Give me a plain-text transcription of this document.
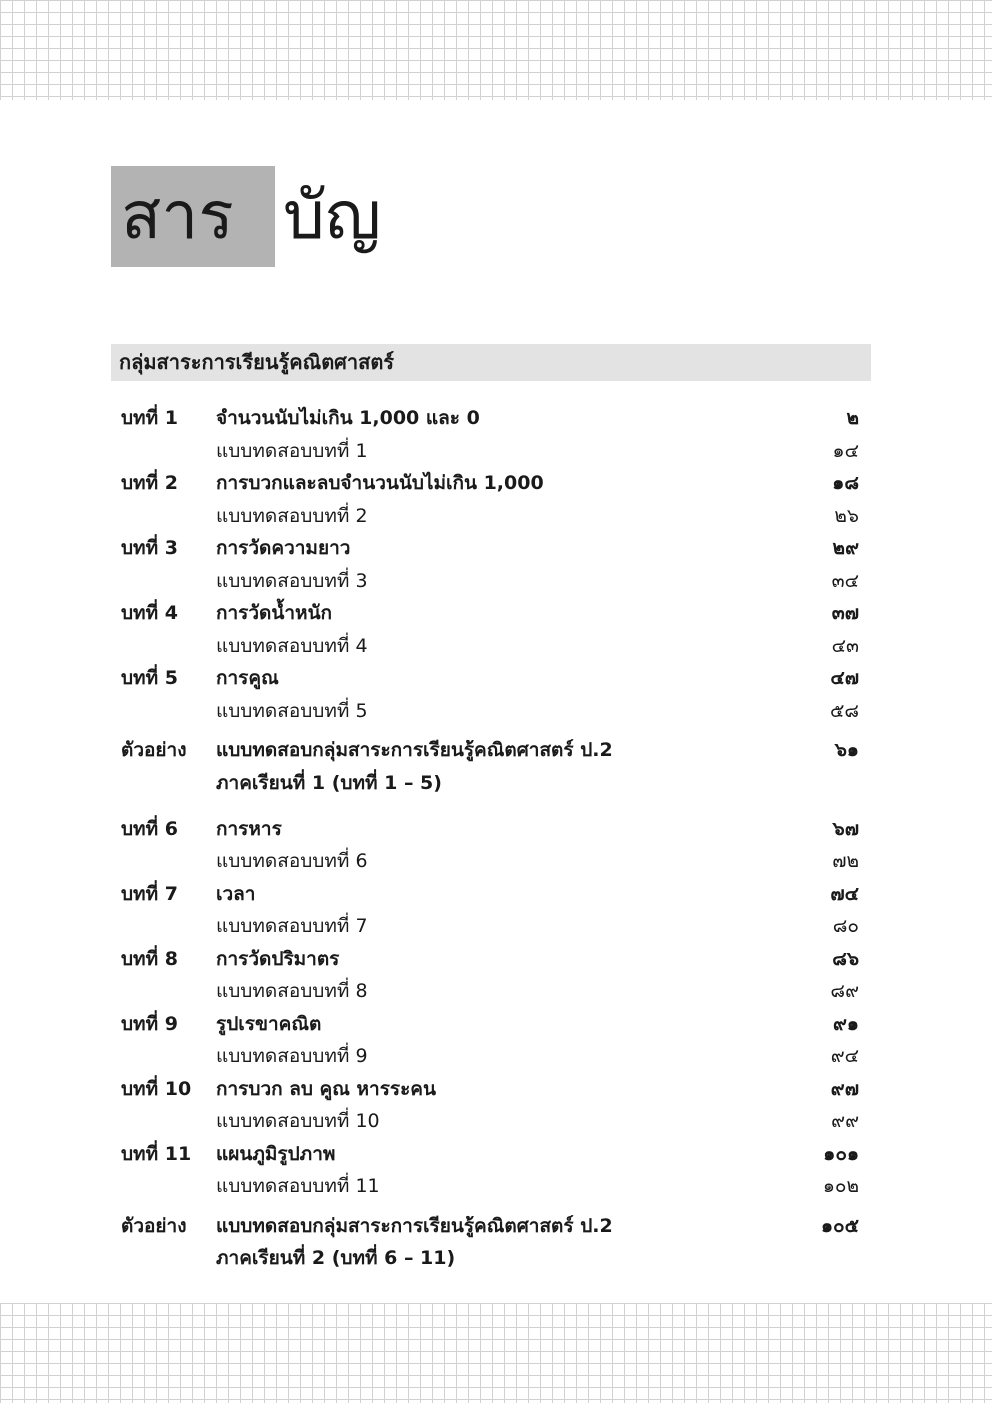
สาร บัญ
กลุ่มสาระการเรียนรู้คณิตศาสตร์
บทที่ 1 จำนวนนับไม่เกิน 1,000 และ 0	๒
แบบทดสอบบทที่ 1	๑๔
บทที่ 2 การบวกและลบจำนวนนับไม่เกิน 1,000	๑๘
แบบทดสอบบทที่ 2	๒๖
บทที่ 3 การวัดความยาว	๒๙
แบบทดสอบบทที่ 3	๓๔
บทที่ 4 การวัดน้ำหนัก	๓๗
แบบทดสอบบทที่ 4	๔๓
บทที่ 5 การคูณ	๔๗
แบบทดสอบบทที่ 5	๕๘
ตัวอย่าง แบบทดสอบกลุ่มสาระการเรียนรู้คณิตศาสตร์ ป.2	๖๑
ภาคเรียนที่ 1 (บทที่ 1 – 5)
บทที่ 6 การหาร	๖๗
แบบทดสอบบทที่ 6	๗๒
บทที่ 7 เวลา	๗๔
แบบทดสอบบทที่ 7	๘๐
บทที่ 8 การวัดปริมาตร	๘๖
แบบทดสอบบทที่ 8	๘๙
บทที่ 9 รูปเรขาคณิต	๙๑
แบบทดสอบบทที่ 9	๙๔
บทที่ 10 การบวก ลบ คูณ หารระคน	๙๗
แบบทดสอบบทที่ 10	๙๙
บทที่ 11 แผนภูมิรูปภาพ	๑๐๑
แบบทดสอบบทที่ 11	๑๐๒
ตัวอย่าง แบบทดสอบกลุ่มสาระการเรียนรู้คณิตศาสตร์ ป.2	๑๐๕
ภาคเรียนที่ 2 (บทที่ 6 – 11)
